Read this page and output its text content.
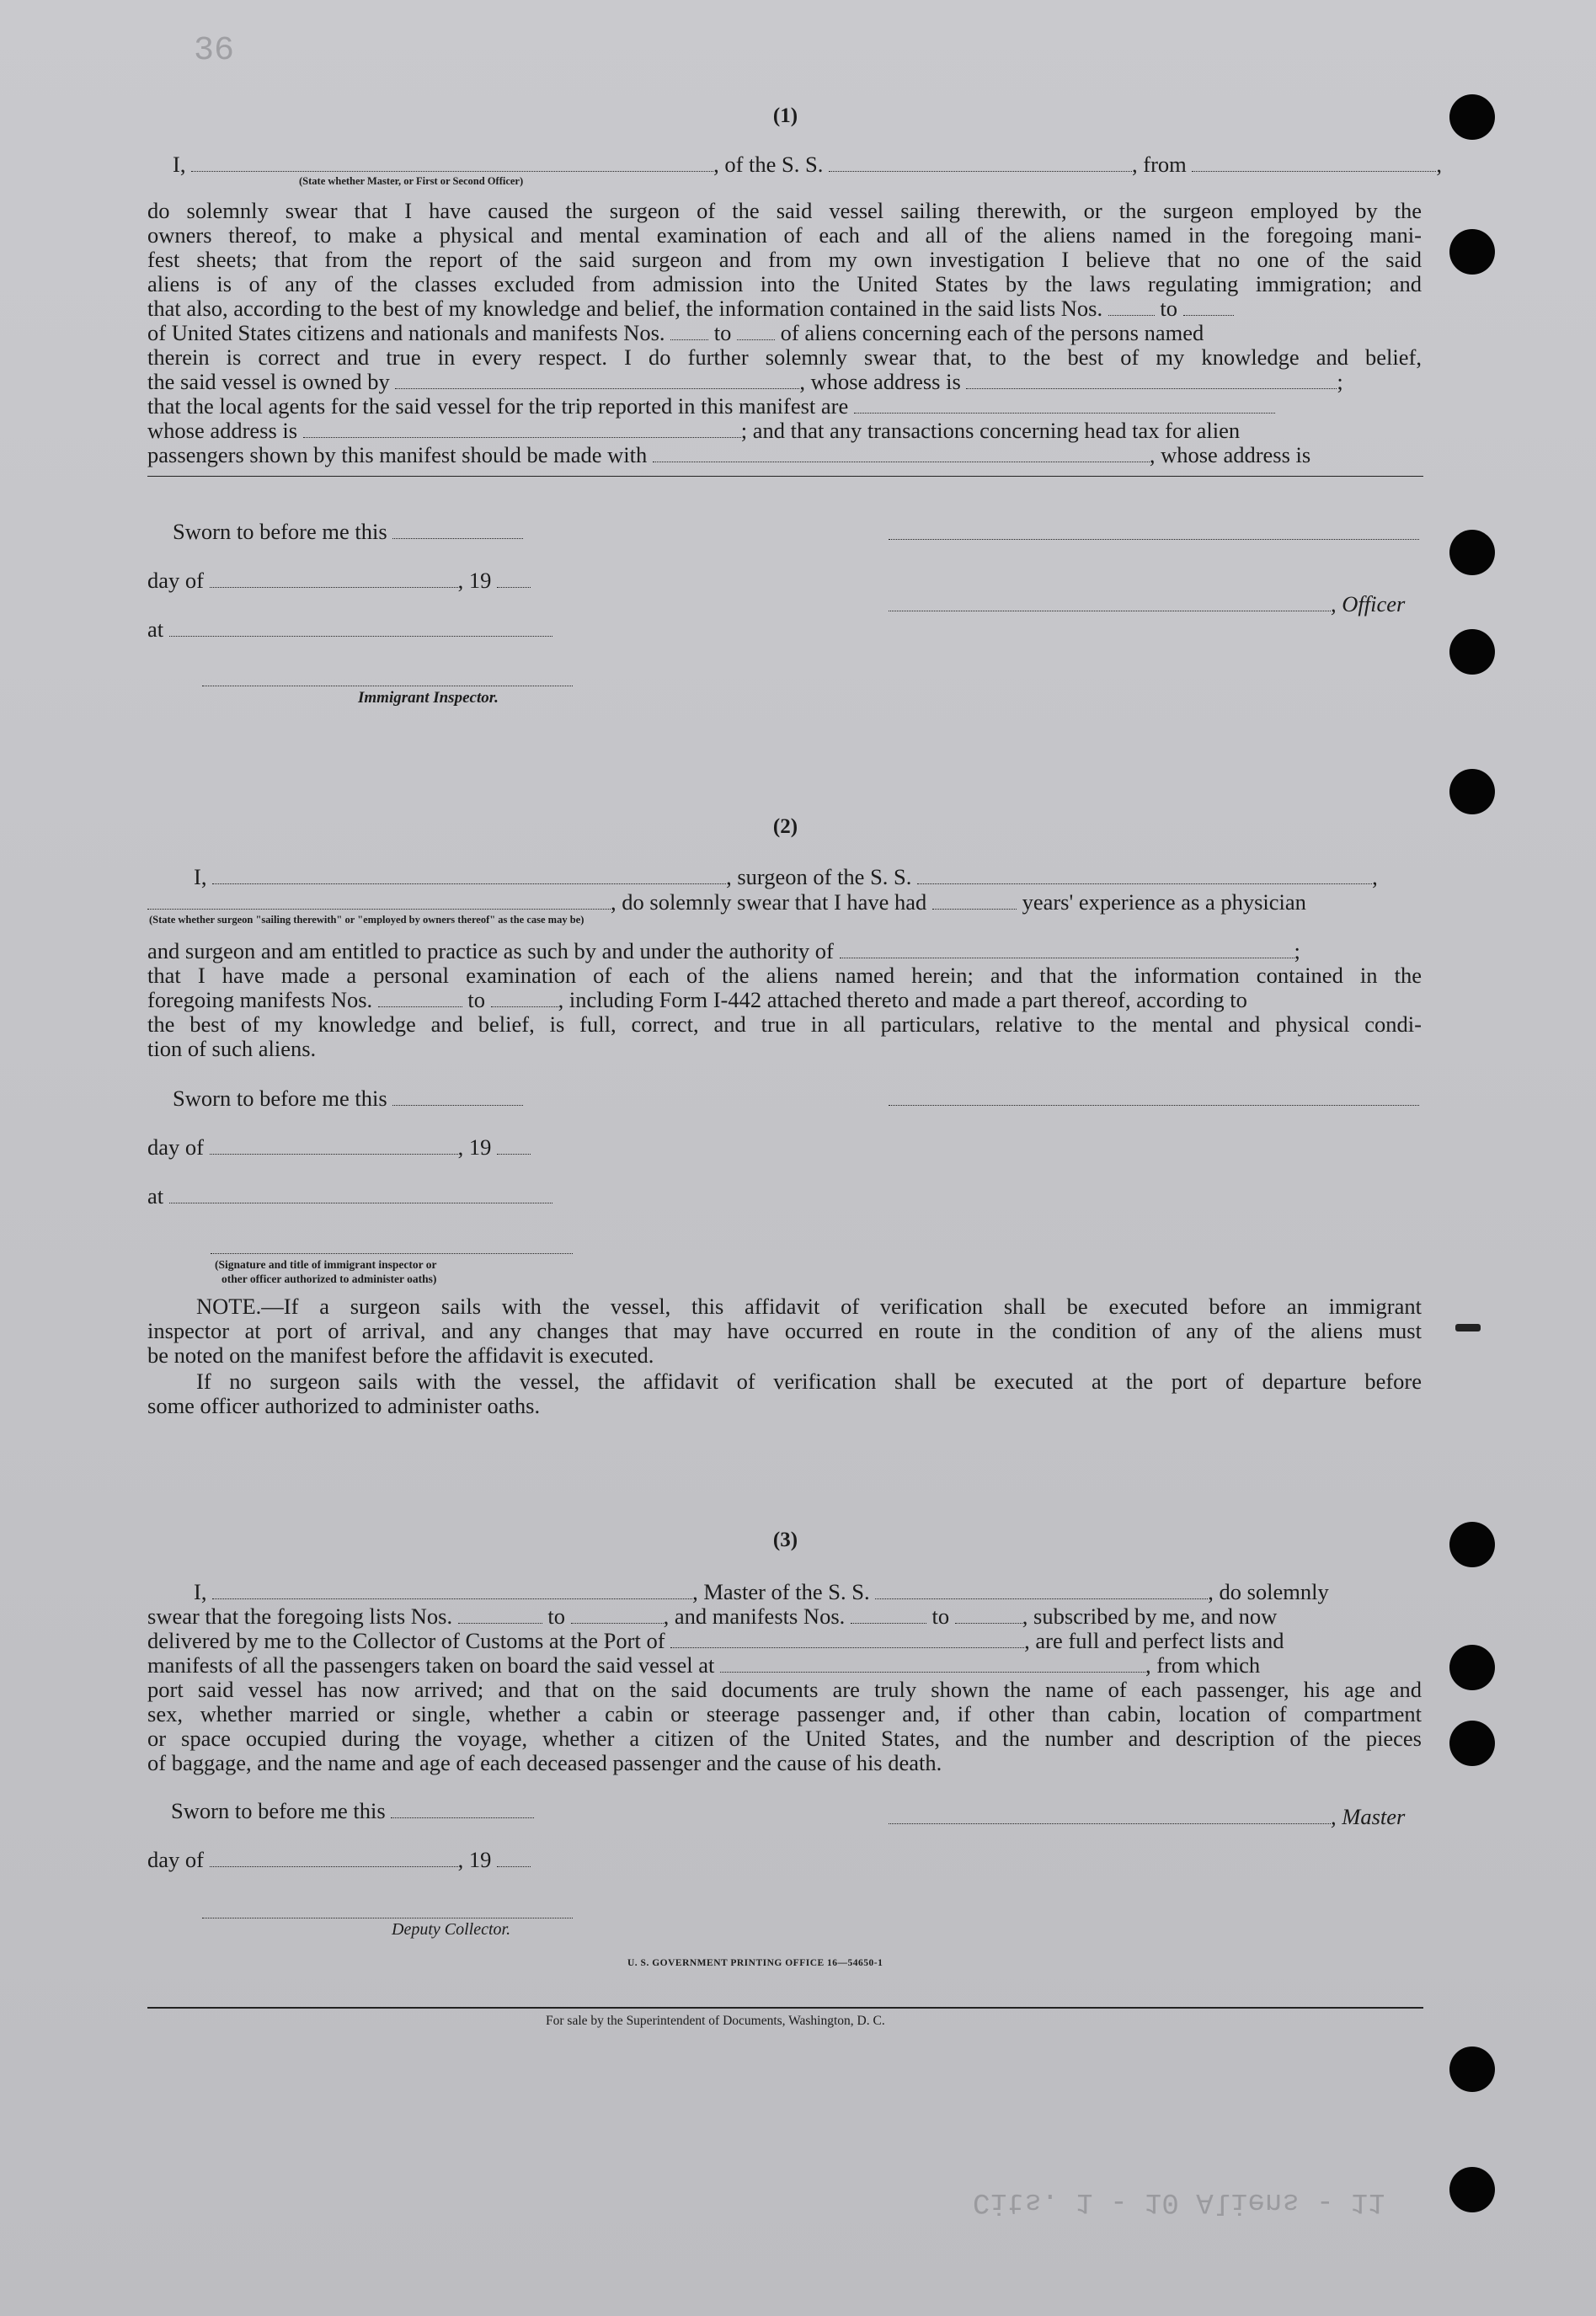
36
(1)
I,	, of the S. S.	, from	,
(State whether Master, or First or Second Officer)
do solemnly swear that I have caused the surgeon of the said vessel sailing therewith, or the surgeon employed by the
owners thereof, to make a physical and mental examination of each and all of the aliens named in the foregoing mani-
fest sheets; that from the report of the said surgeon and from my own investigation I believe that no one of the said
aliens is of any of the classes excluded from admission into the United States by the laws regulating immigration; and
that also, according to the best of my knowledge and belief, the information contained in the said lists Nos.	to
of United States citizens and nationals and manifests Nos. to of aliens concerning each of the persons named
therein is correct and true in every respect. I do further solemnly swear that, to the best of my knowledge and belief,
the said vessel is owned by	, whose address is	;
that the local agents for the said vessel for the trip reported in this manifest are
whose address is	; and that any transactions concerning head tax for alien
passengers shown by this manifest should be made with	, whose address is
Sworn to before me this
day of	, 19
, Officer
at
Immigrant Inspector.
(2)
I,	, surgeon of the S. S.	,
, do solemnly swear that I have had	years' experience as a physician
(State whether surgeon "sailing therewith" or "employed by owners thereof" as the case may be)
and surgeon and am entitled to practice as such by and under the authority of	;
that I have made a personal examination of each of the aliens named herein; and that the information contained in the
foregoing manifests Nos.	to	, including Form I-442 attached thereto and made a part thereof, according to
the best of my knowledge and belief, is full, correct, and true in all particulars, relative to the mental and physical condi-
tion of such aliens.
Sworn to before me this
day of	, 19
at
(Signature and title of immigrant inspector or
other officer authorized to administer oaths)
NOTE.—If a surgeon sails with the vessel, this affidavit of verification shall be executed before an immigrant
inspector at port of arrival, and any changes that may have occurred en route in the condition of any of the aliens must
be noted on the manifest before the affidavit is executed.
If no surgeon sails with the vessel, the affidavit of verification shall be executed at the port of departure before
some officer authorized to administer oaths.
(3)
I,	, Master of the S. S.	, do solemnly
swear that the foregoing lists Nos.	to	, and manifests Nos.	to	, subscribed by me, and now
delivered by me to the Collector of Customs at the Port of	, are full and perfect lists and
manifests of all the passengers taken on board the said vessel at	, from which
port said vessel has now arrived; and that on the said documents are truly shown the name of each passenger, his age and
sex, whether married or single, whether a cabin or steerage passenger and, if other than cabin, location of compartment
or space occupied during the voyage, whether a citizen of the United States, and the number and description of the pieces
of baggage, and the name and age of each deceased passenger and the cause of his death.
Sworn to before me this	, Master
day of	, 19
Deputy Collector.
U. S. GOVERNMENT PRINTING OFFICE 16—54650-1
For sale by the Superintendent of Documents, Washington, D. C.
Cits. 1 - 10 Aliens - 11
